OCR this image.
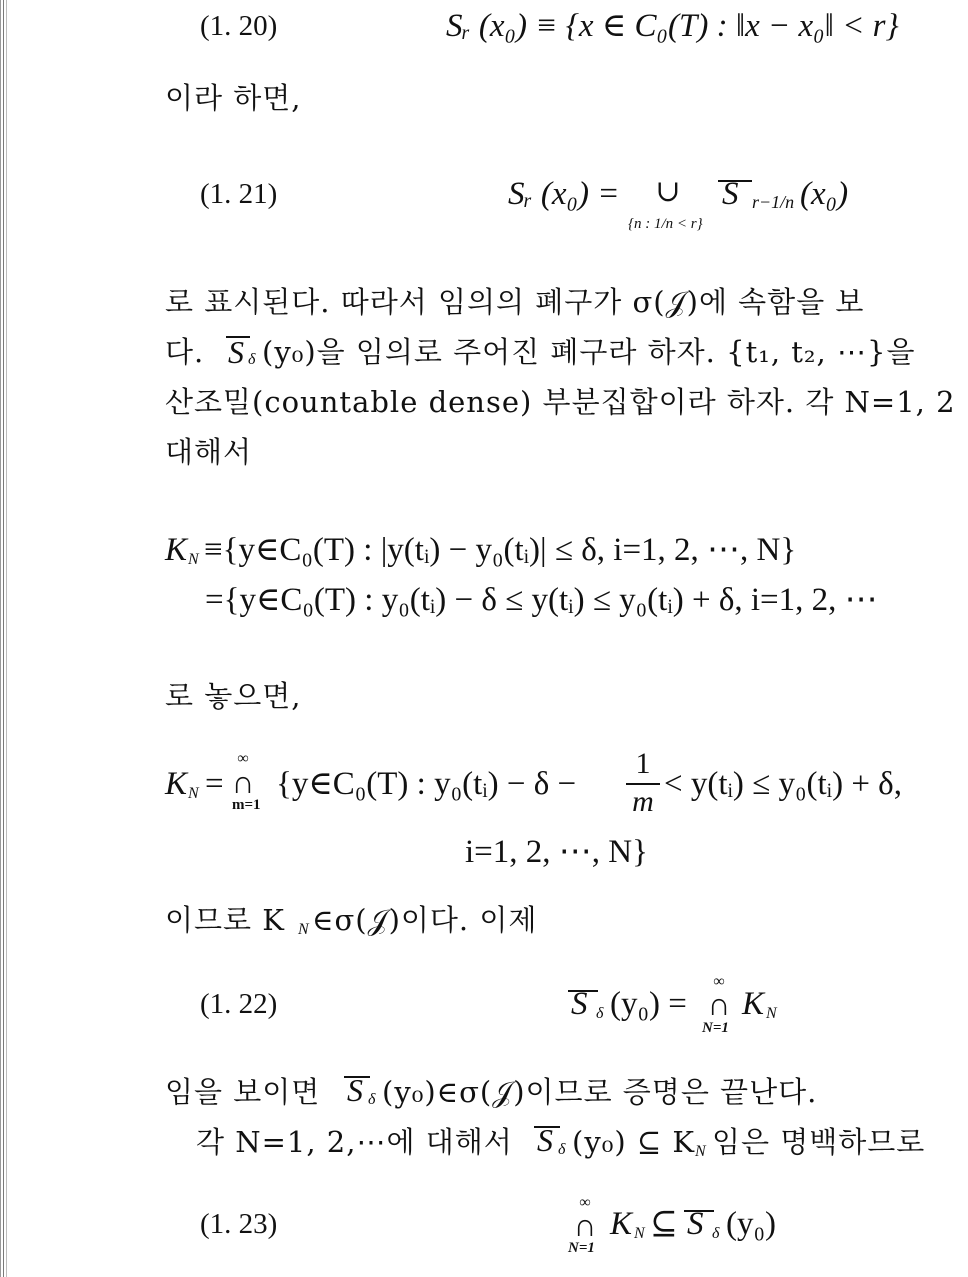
(1. 20)	Sᵣ (x₀) ≡ {x ∈ C₀(T) : ‖x − x₀‖ < r}
이라 하면,
(1. 21)	Sᵣ (x₀) = ∪
{n : 1/n < r}
S r−1/n (x₀)
로 표시된다. 따라서 임의의 폐구가 σ(𝒥)에 속함을 보
다. S δ (y₀)을 임의로 주어진 폐구라 하자. {t₁, t₂, ⋯}을
산조밀(countable dense) 부분집합이라 하자. 각 N=1, 2
대해서
K N ≡{y∈C₀(T) : |y(tᵢ) − y₀(tᵢ)| ≤ δ, i=1, 2, ⋯, N}
={y∈C₀(T) : y₀(tᵢ) − δ ≤ y(tᵢ) ≤ y₀(tᵢ) + δ, i=1, 2, ⋯
로 놓으면,
K N =
∞
∩
m=1
{y∈C₀(T) : y₀(tᵢ) − δ −
1
m < y(tᵢ) ≤ y₀(tᵢ) + δ,
i=1, 2, ⋯, N}
이므로 K N ∈σ(𝒥)이다. 이제
(1. 22)	S δ (y₀) =
∞
∩
N=1
K N
임을 보이면 S δ (y₀)∈σ(𝒥)이므로 증명은 끝난다.
각 N=1, 2,⋯에 대해서 S δ (y₀) ⊆ K N 임은 명백하므로
(1. 23)
∞
∩
N=1
K N ⊆ S δ (y₀)
